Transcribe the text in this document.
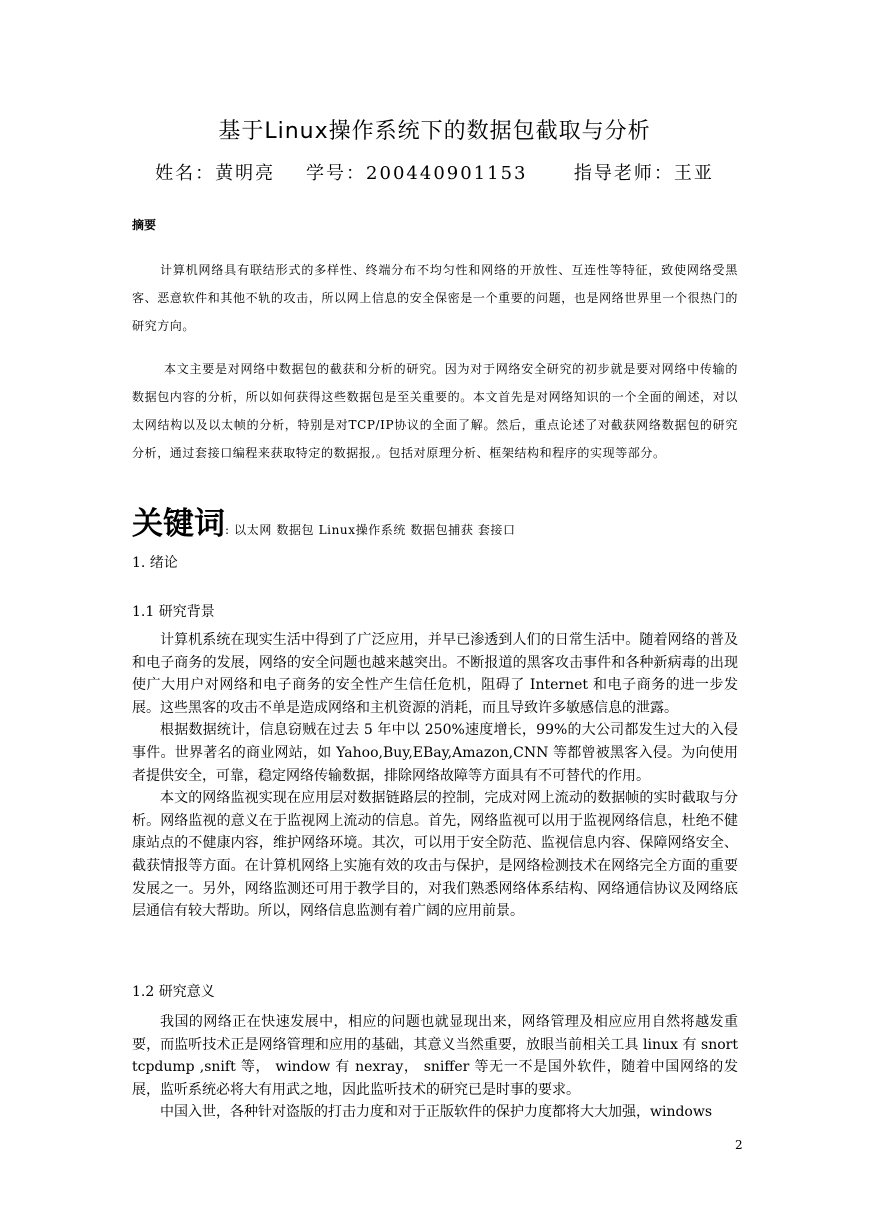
基于Linux操作系统下的数据包截取与分析
姓名：黄明亮    学号：200440901153      指导老师：王亚
摘要
计算机网络具有联结形式的多样性、终端分布不均匀性和网络的开放性、互连性等特征，致使网络受黑客、恶意软件和其他不轨的攻击，所以网上信息的安全保密是一个重要的问题，也是网络世界里一个很热门的研究方向。
本文主要是对网络中数据包的截获和分析的研究。因为对于网络安全研究的初步就是要对网络中传输的数据包内容的分析，所以如何获得这些数据包是至关重要的。本文首先是对网络知识的一个全面的阐述，对以太网结构以及以太帧的分析，特别是对TCP/IP协议的全面了解。然后，重点论述了对截获网络数据包的研究分析，通过套接口编程来获取特定的数据报,。包括对原理分析、框架结构和程序的实现等部分。
关键词: 以太网 数据包 Linux操作系统 数据包捕获 套接口
1. 绪论
1.1 研究背景

计算机系统在现实生活中得到了广泛应用，并早已渗透到人们的日常生活中。随着网络的普及和电子商务的发展，网络的安全问题也越来越突出。不断报道的黑客攻击事件和各种新病毒的出现使广大用户对网络和电子商务的安全性产生信任危机，阻碍了 Internet 和电子商务的进一步发展。这些黑客的攻击不单是造成网络和主机资源的消耗，而且导致许多敏感信息的泄露。

根据数据统计，信息窃贼在过去 5 年中以 250%速度增长，99%的大公司都发生过大的入侵事件。世界著名的商业网站，如 Yahoo,Buy,EBay,Amazon,CNN 等都曾被黑客入侵。为向使用者提供安全，可靠，稳定网络传输数据，排除网络故障等方面具有不可替代的作用。

本文的网络监视实现在应用层对数据链路层的控制，完成对网上流动的数据帧的实时截取与分析。网络监视的意义在于监视网上流动的信息。首先，网络监视可以用于监视网络信息，杜绝不健康站点的不健康内容，维护网络环境。其次，可以用于安全防范、监视信息内容、保障网络安全、截获情报等方面。在计算机网络上实施有效的攻击与保护，是网络检测技术在网络完全方面的重要发展之一。另外，网络监测还可用于教学目的，对我们熟悉网络体系结构、网络通信协议及网络底层通信有较大帮助。所以，网络信息监测有着广阔的应用前景。

1.2 研究意义

我国的网络正在快速发展中，相应的问题也就显现出来，网络管理及相应应用自然将越发重要，而监听技术正是网络管理和应用的基础，其意义当然重要，放眼当前相关工具 linux 有 snort tcpdump ,snift 等， window 有 nexray， sniffer 等无一不是国外软件，随着中国网络的发展，监听系统必将大有用武之地，因此监听技术的研究已是时事的要求。

中国入世，各种针对盗版的打击力度和对于正版软件的保护力度都将大大加强，windows

2
